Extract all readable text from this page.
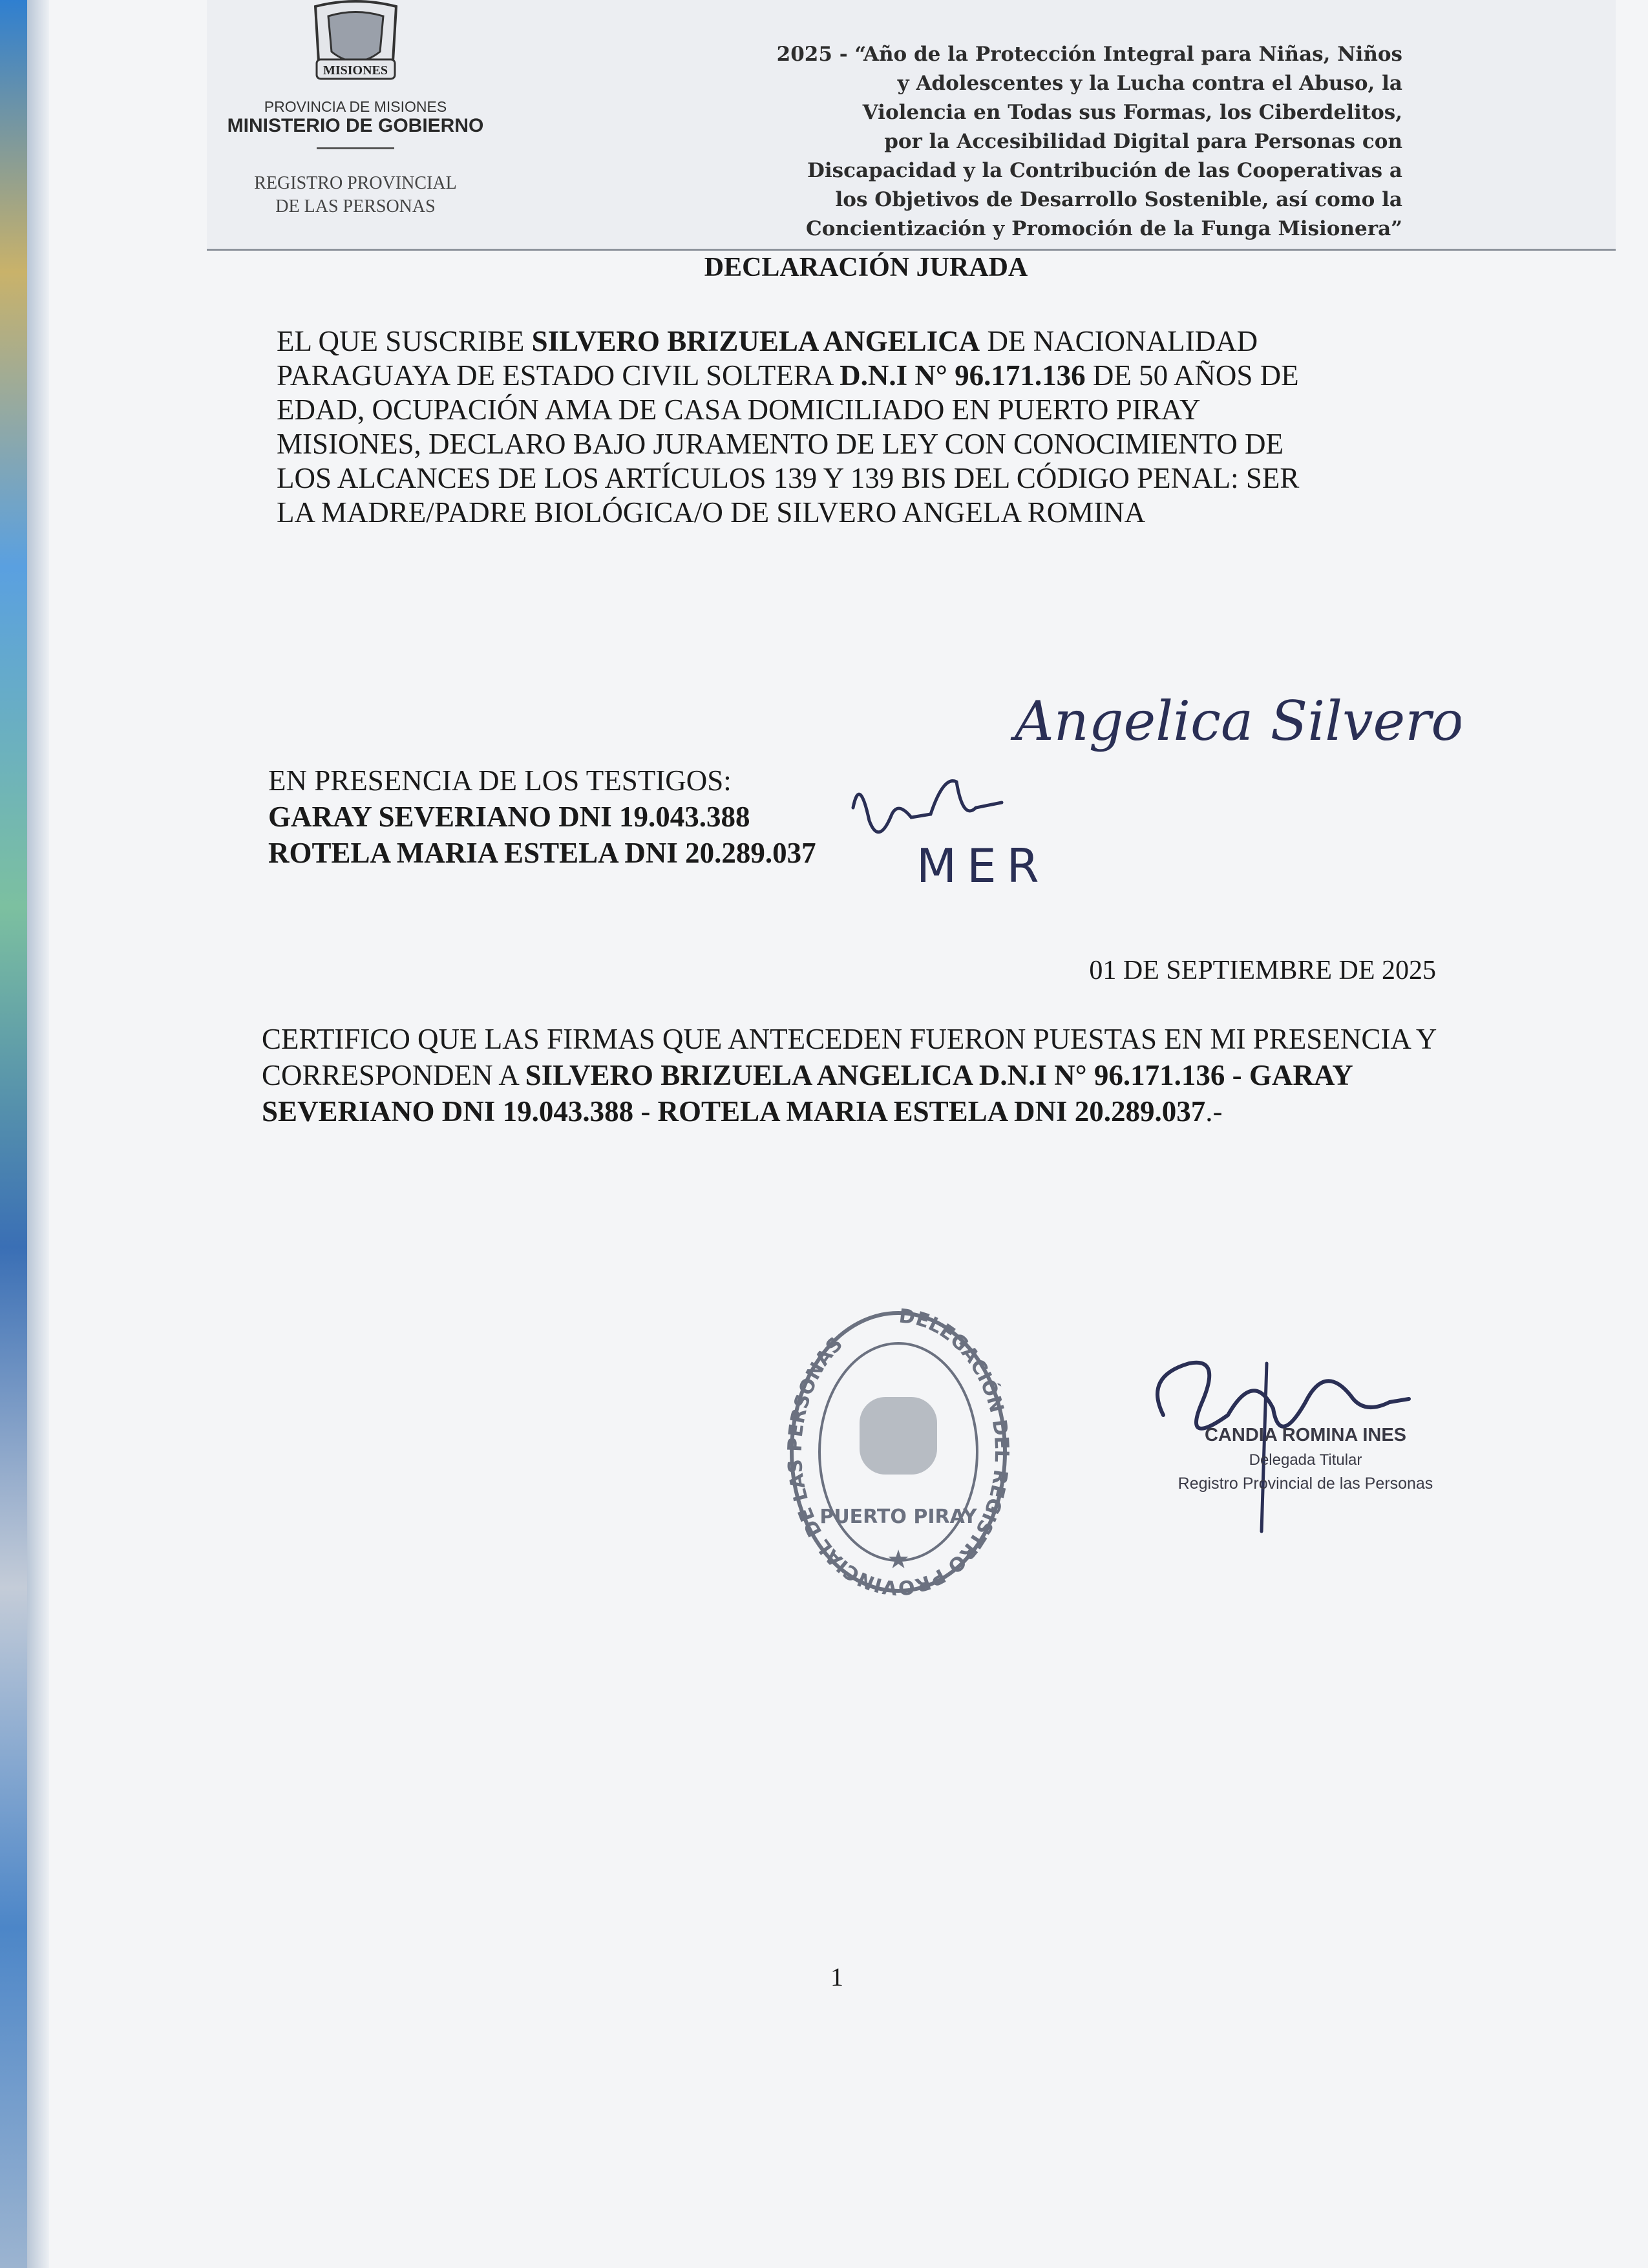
MISIONES
PROVINCIA DE MISIONES
MINISTERIO DE GOBIERNO
REGISTRO PROVINCIAL
DE LAS PERSONAS
2025 - “Año de la Protección Integral para Niñas, Niños
y Adolescentes y la Lucha contra el Abuso, la
Violencia en Todas sus Formas, los Ciberdelitos,
por la Accesibilidad Digital para Personas con
Discapacidad y la Contribución de las Cooperativas a
los Objetivos de Desarrollo Sostenible, así como la
Concientización y Promoción de la Funga Misionera”
DECLARACIÓN JURADA
EL QUE SUSCRIBE SILVERO BRIZUELA ANGELICA DE NACIONALIDAD
PARAGUAYA DE ESTADO CIVIL SOLTERA D.N.I N° 96.171.136 DE 50 AÑOS DE
EDAD, OCUPACIÓN AMA DE CASA DOMICILIADO EN PUERTO PIRAY
MISIONES, DECLARO BAJO JURAMENTO DE LEY CON CONOCIMIENTO DE
LOS ALCANCES DE LOS ARTÍCULOS 139 Y 139 BIS DEL CÓDIGO PENAL: SER
LA MADRE/PADRE BIOLÓGICA/O DE SILVERO ANGELA ROMINA
Angelica Silvero
EN PRESENCIA DE LOS TESTIGOS:
GARAY SEVERIANO DNI 19.043.388
ROTELA MARIA ESTELA DNI 20.289.037	MER
01 DE SEPTIEMBRE DE 2025
CERTIFICO QUE LAS FIRMAS QUE ANTECEDEN FUERON PUESTAS EN MI PRESENCIA Y CORRESPONDEN A SILVERO BRIZUELA ANGELICA D.N.I N° 96.171.136 - GARAY SEVERIANO DNI 19.043.388 - ROTELA MARIA ESTELA DNI 20.289.037.-
DELEGACIÓN DEL REGISTRO PROVINCIAL DE LAS PERSONAS
PUERTO PIRAY
★
CANDIA ROMINA INES
Delegada Titular
Registro Provincial de las Personas
1
